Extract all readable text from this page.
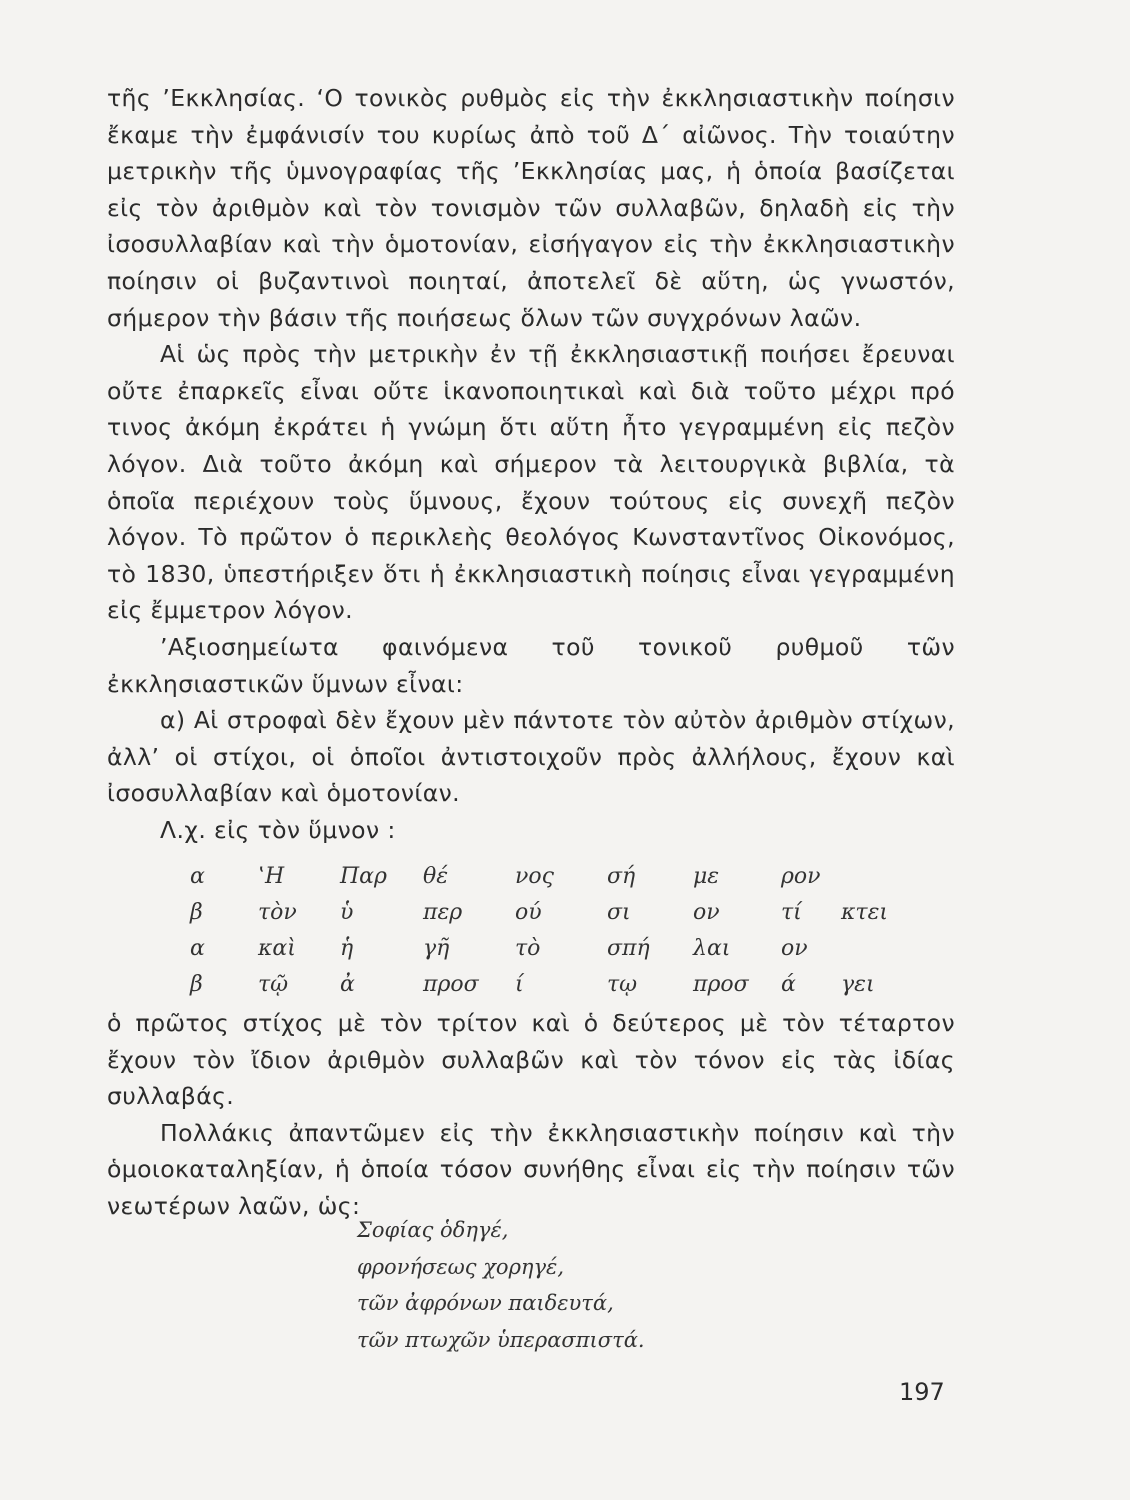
τῆς ’Εκκλησίας. ‘Ο τονικὸς ρυθμὸς εἰς τὴν ἐκκλησιαστικὴν ποίησιν ἔκαμε τὴν ἐμφάνισίν του κυρίως ἀπὸ τοῦ Δ΄ αἰῶνος. Τὴν τοιαύτην μετρικὴν τῆς ὑμνογραφίας τῆς ’Εκκλησίας μας, ἡ ὁποία βασίζεται εἰς τὸν ἀριθμὸν καὶ τὸν τονισμὸν τῶν συλλαβῶν, δηλαδὴ εἰς τὴν ἰσοσυλλαβίαν καὶ τὴν ὁμοτονίαν, εἰσήγαγον εἰς τὴν ἐκκλησιαστικὴν ποίησιν οἱ βυζαντινοὶ ποιηταί, ἀποτελεῖ δὲ αὕτη, ὡς γνωστόν, σήμερον τὴν βάσιν τῆς ποιήσεως ὅλων τῶν συγχρόνων λαῶν.

Αἱ ὡς πρὸς τὴν μετρικὴν ἐν τῇ ἐκκλησιαστικῇ ποιήσει ἔρευναι οὔτε ἐπαρκεῖς εἶναι οὔτε ἱκανοποιητικαὶ καὶ διὰ τοῦτο μέχρι πρό τινος ἀκόμη ἐκράτει ἡ γνώμη ὅτι αὕτη ἦτο γεγραμμένη εἰς πεζὸν λόγον. Διὰ τοῦτο ἀκόμη καὶ σήμερον τὰ λειτουργικὰ βιβλία, τὰ ὁποῖα περιέχουν τοὺς ὕμνους, ἔχουν τούτους εἰς συνεχῆ πεζὸν λόγον. Τὸ πρῶτον ὁ περικλεὴς θεολόγος Κωνσταντῖνος Οἰκονόμος, τὸ 1830, ὑπεστήριξεν ὅτι ἡ ἐκκλησιαστικὴ ποίησις εἶναι γεγραμμένη εἰς ἔμμετρον λόγον.

’Αξιοσημείωτα φαινόμενα τοῦ τονικοῦ ρυθμοῦ τῶν ἐκκλησιαστικῶν ὕμνων εἶναι:

α) Αἱ στροφαὶ δὲν ἔχουν μὲν πάντοτε τὸν αὐτὸν ἀριθμὸν στίχων, ἀλλ’ οἱ στίχοι, οἱ ὁποῖοι ἀντιστοιχοῦν πρὸς ἀλλήλους, ἔχουν καὶ ἰσοσυλλαβίαν καὶ ὁμοτονίαν.

Λ.χ. εἰς τὸν ὕμνον :

α	‛Η	Παρ	θέ	νος	σή	με	ρον	
β	τὸν	ὑ	περ	ού	σι	ον	τί	κτει
α	καὶ	ἡ	γῆ	τὸ	σπή	λαι	ον	
β	τῷ	ἀ	προσ	ί	τῳ	προσ	ά	γει

ὁ πρῶτος στίχος μὲ τὸν τρίτον καὶ ὁ δεύτερος μὲ τὸν τέταρτον ἔχουν τὸν ἴδιον ἀριθμὸν συλλαβῶν καὶ τὸν τόνον εἰς τὰς ἰδίας συλλαβάς.

Πολλάκις ἀπαντῶμεν εἰς τὴν ἐκκλησιαστικὴν ποίησιν καὶ τὴν ὁμοιοκαταληξίαν, ἡ ὁποία τόσον συνήθης εἶναι εἰς τὴν ποίησιν τῶν νεωτέρων λαῶν, ὡς:

Σοφίας ὁδηγέ,
φρονήσεως χορηγέ,
τῶν ἀφρόνων παιδευτά,
τῶν πτωχῶν ὑπερασπιστά.
197
